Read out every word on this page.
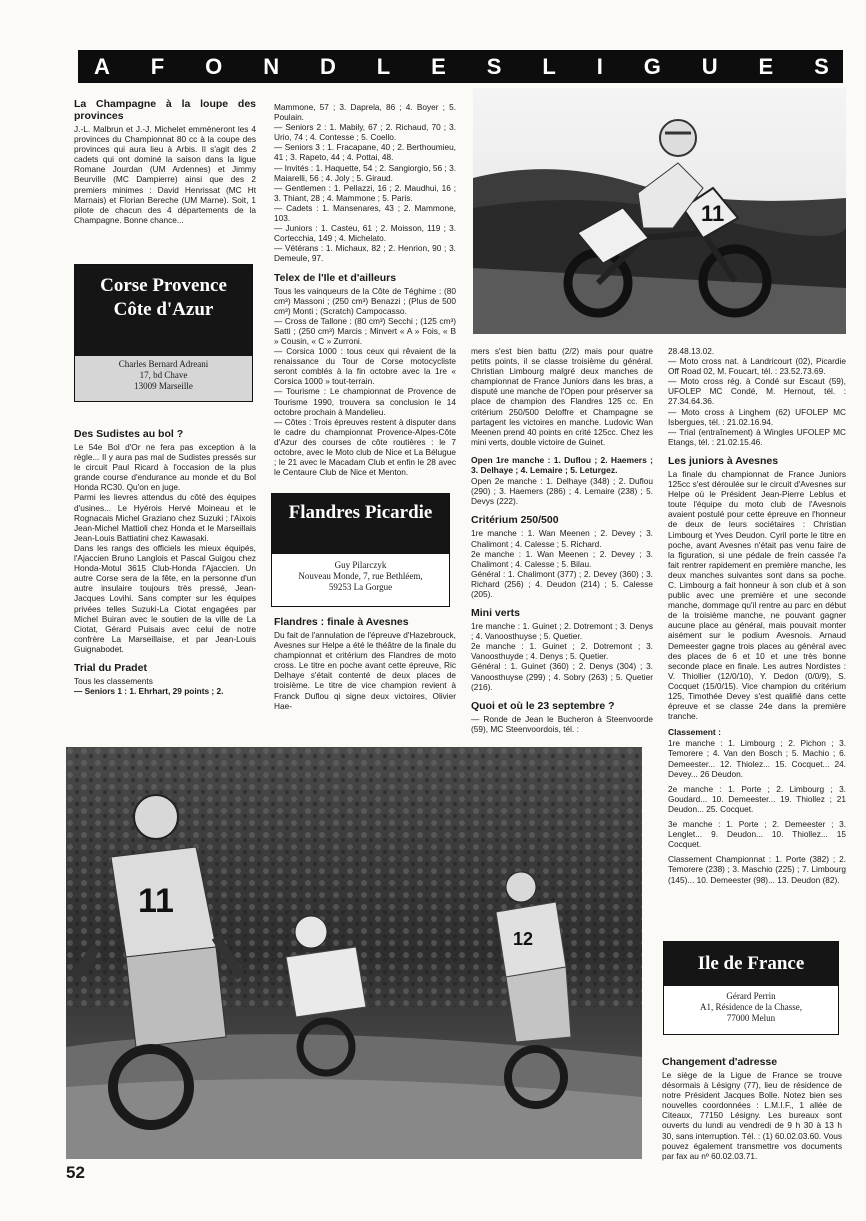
A F O N D L E S L I G U E S
La Champagne à la loupe des provinces

J.-L. Malbrun et J.-J. Michelet emmèneront les 4 provinces du Championnat 80 cc à la coupe des provinces qui aura lieu à Arbis. Il s'agit des 2 cadets qui ont dominé la saison dans la ligue Romane Jourdan (UM Ardennes) et Jimmy Beurville (MC Dampierre) ainsi que des 2 premiers minimes : David Henrissat (MC Ht Marnais) et Florian Bereche (UM Marne). Soit, 1 pilote de chacun des 4 départements de la Champagne. Bonne chance...

Corse Provence Côte d'Azur
Charles Bernard Adreani
17, bd Chave
13009 Marseille
Des Sudistes au bol ?

Le 54e Bol d'Or ne fera pas exception à la règle... Il y aura pas mal de Sudistes pressés sur le circuit Paul Ricard à l'occasion de la plus grande course d'endurance au monde et du Bol Honda RC30. Qu'on en juge.

Parmi les lievres attendus du côté des équipes d'usines... Le Hyérois Hervé Moineau et le Rognacais Michel Graziano chez Suzuki ; l'Aixois Jean-Michel Mattioli chez Honda et le Marseillais Jean-Louis Battiatini chez Kawasaki.

Dans les rangs des officiels les mieux équipés, l'Ajaccien Bruno Langlois et Pascal Guigou chez Honda-Motul 3615 Club-Honda l'Ajaccien. Un autre Corse sera de la fête, en la personne d'un autre insulaire toujours très pressé, Jean-Jacques Lovihi. Sans compter sur les équipes privées telles Suzuki-La Ciotat engagées par Michel Buiran avec le soutien de la ville de La Ciotat, Gérard Puisais avec celui de notre confrère La Marseillaise, et par Jean-Louis Guignabodet.

Trial du Pradet

Tous les classements

— Seniors 1 : 1. Ehrhart, 29 points ; 2.

Mammone, 57 ; 3. Daprela, 86 ; 4. Boyer ; 5. Poulain.

— Seniors 2 : 1. Mabily, 67 ; 2. Richaud, 70 ; 3. Urio, 74 ; 4. Contesse ; 5. Coello.

— Seniors 3 : 1. Fracapane, 40 ; 2. Berthoumieu, 41 ; 3. Rapeto, 44 ; 4. Pottai, 48.

— Invités : 1. Haquette, 54 ; 2. Sangiorgio, 56 ; 3. Maiarelli, 56 ; 4. Joly ; 5. Giraud.

— Gentlemen : 1. Pellazzi, 16 ; 2. Maudhui, 16 ; 3. Thiant, 28 ; 4. Mammone ; 5. Paris.

— Cadets : 1. Mansenares, 43 ; 2. Mammone, 103.

— Juniors : 1. Casteu, 61 ; 2. Moisson, 119 ; 3. Cortecchia, 149 ; 4. Michelato.

— Vétérans : 1. Michaux, 82 ; 2. Henrion, 90 ; 3. Demeule, 97.

Telex de l'Ile et d'ailleurs

Tous les vainqueurs de la Côte de Téghime : (80 cm³) Massoni ; (250 cm³) Benazzi ; (Plus de 500 cm³) Monti ; (Scratch) Campocasso.

— Cross de Tallone : (80 cm³) Secchi ; (125 cm³) Satti ; (250 cm³) Marcis ; Minvert « A » Fois, « B » Cousin, « C » Zurroni.

— Corsica 1000 : tous ceux qui rêvaient de la renaissance du Tour de Corse motocycliste seront comblés à la fin octobre avec la 1re « Corsica 1000 » tout-terrain.

— Tourisme : Le championnat de Provence de Tourisme 1990, trouvera sa conclusion le 14 octobre prochain à Mandelieu.

— Côtes : Trois épreuves restent à disputer dans le cadre du championnat Provence-Alpes-Côte d'Azur des courses de côte routières : le 7 octobre, avec le Moto club de Nice et La Bélugue ; le 21 avec le Macadam Club et enfin le 28 avec le Centaure Club de Nice et Menton.

Flandres Picardie
Guy Pilarczyk
Nouveau Monde, 7, rue Bethléem,
59253 La Gorgue
Flandres : finale à Avesnes

Du fait de l'annulation de l'épreuve d'Hazebrouck, Avesnes sur Helpe a été le théâtre de la finale du championnat et critérium des Flandres de moto cross. Le titre en poche avant cette épreuve, Ric Delhaye s'était contenté de deux places de troisième. Le titre de vice champion revient à Franck Duflou qi signe deux victoires, Olivier Hae-

11

mers s'est bien battu (2/2) mais pour quatre petits points, il se classe troisième du général. Christian Limbourg malgré deux manches de championnat de France Juniors dans les bras, a disputé une manche de l'Open pour préserver sa place de champion des Flandres 125 cc. En critérium 250/500 Deloffre et Champagne se partagent les victoires en manche. Ludovic Wan Meenen prend 40 points en crité 125cc. Chez les mini verts, double victoire de Guinet.

Open 1re manche : 1. Duflou ; 2. Haemers ; 3. Delhaye ; 4. Lemaire ; 5. Leturgez.

Open 2e manche : 1. Delhaye (348) ; 2. Duflou (290) ; 3. Haemers (286) ; 4. Lemaire (238) ; 5. Devys (222).

Critérium 250/500

1re manche : 1. Wan Meenen ; 2. Devey ; 3. Chalimont ; 4. Calesse ; 5. Richard.

2e manche : 1. Wan Meenen ; 2. Devey ; 3. Chalimont ; 4. Calesse ; 5. Bilau.

Général : 1. Chalimont (377) ; 2. Devey (360) ; 3. Richard (256) ; 4. Deudon (214) ; 5. Calesse (205).

Mini verts

1re manche : 1. Guinet ; 2. Dotremont ; 3. Denys ; 4. Vanoosthuyse ; 5. Quetier.

2e manche : 1. Guinet ; 2. Dotremont ; 3. Vanoosthuyde ; 4. Denys ; 5. Quetier.

Général : 1. Guinet (360) ; 2. Denys (304) ; 3. Vanoosthuyse (299) ; 4. Sobry (263) ; 5. Quetier (216).

Quoi et où le 23 septembre ?

— Ronde de Jean le Bucheron à Steenvoorde (59), MC Steenvoordois, tél. :

28.48.13.02.

— Moto cross nat. à Landricourt (02), Picardie Off Road 02, M. Foucart, tél. : 23.52.73.69.

— Moto cross rég. à Condé sur Escaut (59), UFOLEP MC Condé, M. Hernout, tél. : 27.34.64.36.

— Moto cross à Linghem (62) UFOLEP MC Isbergues, tél. : 21.02.16.94.

— Trial (entraînement) à Wingles UFOLEP MC Etangs, tél. : 21.02.15.46.

Les juniors à Avesnes

La finale du championnat de France Juniors 125cc s'est déroulée sur le circuit d'Avesnes sur Helpe où le Président Jean-Pierre Leblus et toute l'équipe du moto club de l'Avesnois avaient postulé pour cette épreuve en l'honneur de deux de leurs sociétaires : Christian Limbourg et Yves Deudon. Cyril porte le titre en poche, avant Avesnes n'était pas venu faire de la figuration, si une pédale de frein cassée l'a fait rentrer rapidement en première manche, les deux manches suivantes sont dans sa poche. C. Limbourg a fait honneur à son club et à son public avec une première et une seconde manche, dommage qu'il rentre au parc en début de la troisième manche, ne pouvant gagner aucune place au général, mais pouvait monter aisément sur le podium Avesnois. Arnaud Demeester gagne trois places au général avec des places de 6 et 10 et une très bonne seconde place en finale. Les autres Nordistes : V. Thiollier (12/0/10), Y. Dedon (0/0/9), S. Cocquet (15/0/15). Vice champion du critérium 125, Timothée Devey s'est qualifié dans cette épreuve et se classe 24e dans la première tranche.

Classement :

1re manche : 1. Limbourg ; 2. Pichon ; 3. Temorere ; 4. Van den Bosch ; 5. Machio ; 6. Demeester... 12. Thiolez... 15. Cocquet... 24. Devey... 26 Deudon.

2e manche : 1. Porte ; 2. Limbourg ; 3. Goudard... 10. Demeester... 19. Thiollez ; 21 Deudon... 25. Cocquet.

3e manche : 1. Porte ; 2. Demeester ; 3. Lenglet... 9. Deudon... 10. Thiollez... 15 Cocquet.

Classement Championnat : 1. Porte (382) ; 2. Temorere (238) ; 3. Maschio (225) ; 7. Limbourg (145)... 10. Demeester (98)... 13. Deudon (82).

Ile de France
Gérard Perrin
A1, Résidence de la Chasse,
77000 Melun
Changement d'adresse

Le siège de la Ligue de France se trouve désormais à Lésigny (77), lieu de résidence de notre Président Jacques Bolle. Notez bien ses nouvelles coordonnées : L.M.I.F., 1 allée de Citeaux, 77150 Lésigny. Les bureaux sont ouverts du lundi au vendredi de 9 h 30 à 13 h 30, sans interruption. Tél. : (1) 60.02.03.60. Vous pouvez également transmettre vos documents par fax au nº 60.02.03.71.

11
12
52
